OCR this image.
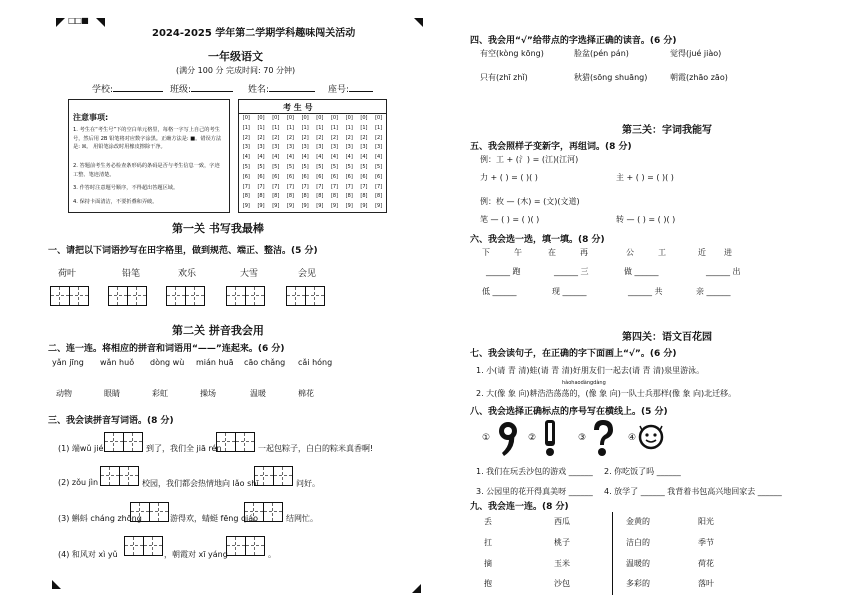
□□■
2024-2025 学年第二学期学科趣味闯关活动
一年级语文
(满分 100 分 完成时间: 70 分钟)
学校:	班级:	姓名:	座号:
注意事项:
1. 考生在“考生号”下的空白单元格里，每格一字写上自己的考生号，然后用 2B 铅笔将对应数字涂黑。正确方法是: ■。错误方法是: ☒。 用铅笔涂改时用橡皮擦除干净。
2. 答题前考生务必检查条形码的条码是否与考生信息一致，字迹工整、笔迹清楚。
3. 作答时注意题号顺序，不得超出答题区域。
4. 保持卡面清洁，不要折叠和弄破。
考 生 号
[0]	[0]	[0]	[0]	[0]	[0]	[0]	[0]	[0]	[0]
[1]	[1]	[1]	[1]	[1]	[1]	[1]	[1]	[1]	[1]
[2]	[2]	[2]	[2]	[2]	[2]	[2]	[2]	[2]	[2]
[3]	[3]	[3]	[3]	[3]	[3]	[3]	[3]	[3]	[3]
[4]	[4]	[4]	[4]	[4]	[4]	[4]	[4]	[4]	[4]
[5]	[5]	[5]	[5]	[5]	[5]	[5]	[5]	[5]	[5]
[6]	[6]	[6]	[6]	[6]	[6]	[6]	[6]	[6]	[6]
[7]	[7]	[7]	[7]	[7]	[7]	[7]	[7]	[7]	[7]
[8]	[8]	[8]	[8]	[8]	[8]	[8]	[8]	[8]	[8]
[9]	[9]	[9]	[9]	[9]	[9]	[9]	[9]	[9]	[9]
第一关 书写我最棒
一、请把以下词语抄写在田字格里，做到规范、端正、整洁。(5 分)
荷叶	铅笔	欢乐	大雪	会见
第二关 拼音我会用
二、连一连。将相应的拼音和词语用“——”连起来。(6 分)
yǎn jīng wǎn huǒ dòng wù mián huā cāo chǎng cǎi hóng
动物	眼睛	彩虹	操场	温暖	棉花
三、我会读拼音写词语。(8 分)
(1) 端wǔ jié	到了，我们全 jiā rén	一起包粽子，白白的粽米真香啊!
(2) zǒu jìn	校园，我们都会热情地向 lǎo shī	问好。
(3) 蝌蚪 cháng zhōng	游得欢，蜻蜓 fēng qiáo	结网忙。
(4) 和风对 xì yǔ	，朝霞对 xī yáng	。
四、我会用“√”给带点的字选择正确的读音。(6 分)
有空(kòng kōng)	脸盆(pén pán)	觉得(jué jiào)
只有(zhī zhǐ)	秋猎(sōng shuāng)	朝霞(zhāo zāo)
第三关：字词我能写
五、我会照样子变新字，再组词。(8 分)
例：工 + (氵) = (江)(江河)
力 + ( ) = ( )( )	主 + ( ) = ( )( )
例：枚 — (木) = (文)(文道)
笔 — ( ) = ( )( )	转 — ( ) = ( )( )
六、我会选一选，填一填。(8 分)
下	午	在	再	公	工	近 进
______ 跑	______ 三	做 ______	______ 出
低 ______	现 ______	______ 共	亲 ______
第四关：语文百花园
七、我会读句子，在正确的字下面画上“√”。(6 分)
1. 小(请 青 清)蛙(请 青 清)好朋友们一起去(请 青 清)泉里游泳。
hàohaodàngdàng
2. 大(像 象 向)耕浩浩荡荡的，(像 象 向)一队士兵那样(像 象 向)北迁移。
八、我会选择正确标点的序号写在横线上。(5 分)
①	②	③	④
1. 我们在玩丢沙包的游戏 ______ 2. 你吃饭了吗 ______
3. 公园里的花开得真美呀 ______ 4. 放学了 ______ 我背着书包高兴地回家去 ______
九、我会连一连。(8 分)
丢
扛
摘
抱
西瓜
桃子
玉米
沙包
金黄的
洁白的
温暖的
多彩的
阳光
季节
荷花
落叶
